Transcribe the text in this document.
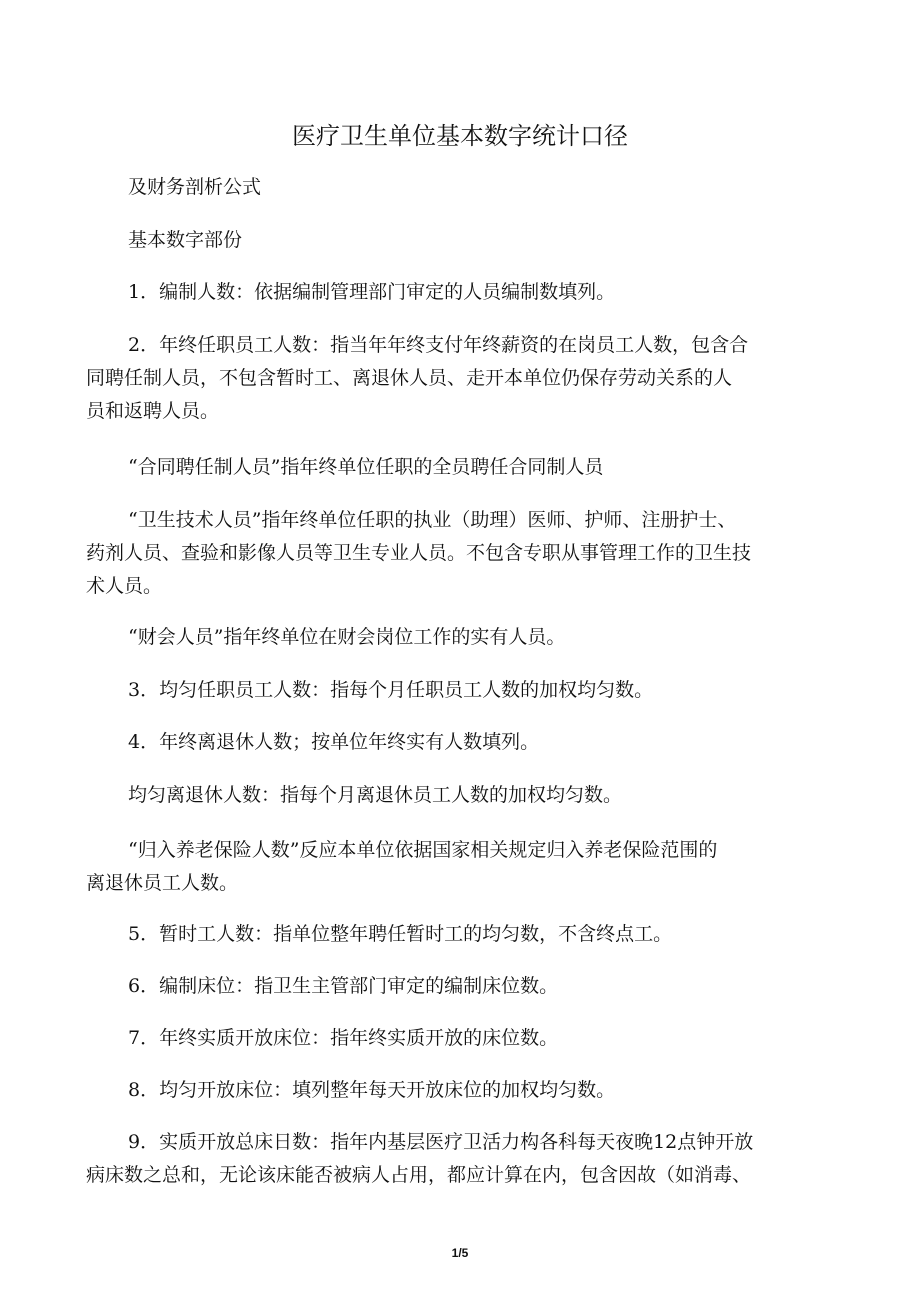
医疗卫生单位基本数字统计口径
及财务剖析公式
基本数字部份
1．编制人数：依据编制管理部门审定的人员编制数填列。
2．年终任职员工人数：指当年年终支付年终薪资的在岗员工人数，包含合
同聘任制人员，不包含暂时工、离退休人员、走开本单位仍保存劳动关系的人
员和返聘人员。
“合同聘任制人员”指年终单位任职的全员聘任合同制人员
“卫生技术人员”指年终单位任职的执业（助理）医师、护师、注册护士、
药剂人员、查验和影像人员等卫生专业人员。不包含专职从事管理工作的卫生技
术人员。
“财会人员”指年终单位在财会岗位工作的实有人员。
3．均匀任职员工人数：指每个月任职员工人数的加权均匀数。
4．年终离退休人数；按单位年终实有人数填列。
均匀离退休人数：指每个月离退休员工人数的加权均匀数。
“归入养老保险人数”反应本单位依据国家相关规定归入养老保险范围的
离退休员工人数。
5．暂时工人数：指单位整年聘任暂时工的均匀数，不含终点工。
6．编制床位：指卫生主管部门审定的编制床位数。
7．年终实质开放床位：指年终实质开放的床位数。
8．均匀开放床位：填列整年每天开放床位的加权均匀数。
9．实质开放总床日数：指年内基层医疗卫活力构各科每天夜晚12点钟开放
病床数之总和，无论该床能否被病人占用，都应计算在内，包含因故（如消毒、
1/5
